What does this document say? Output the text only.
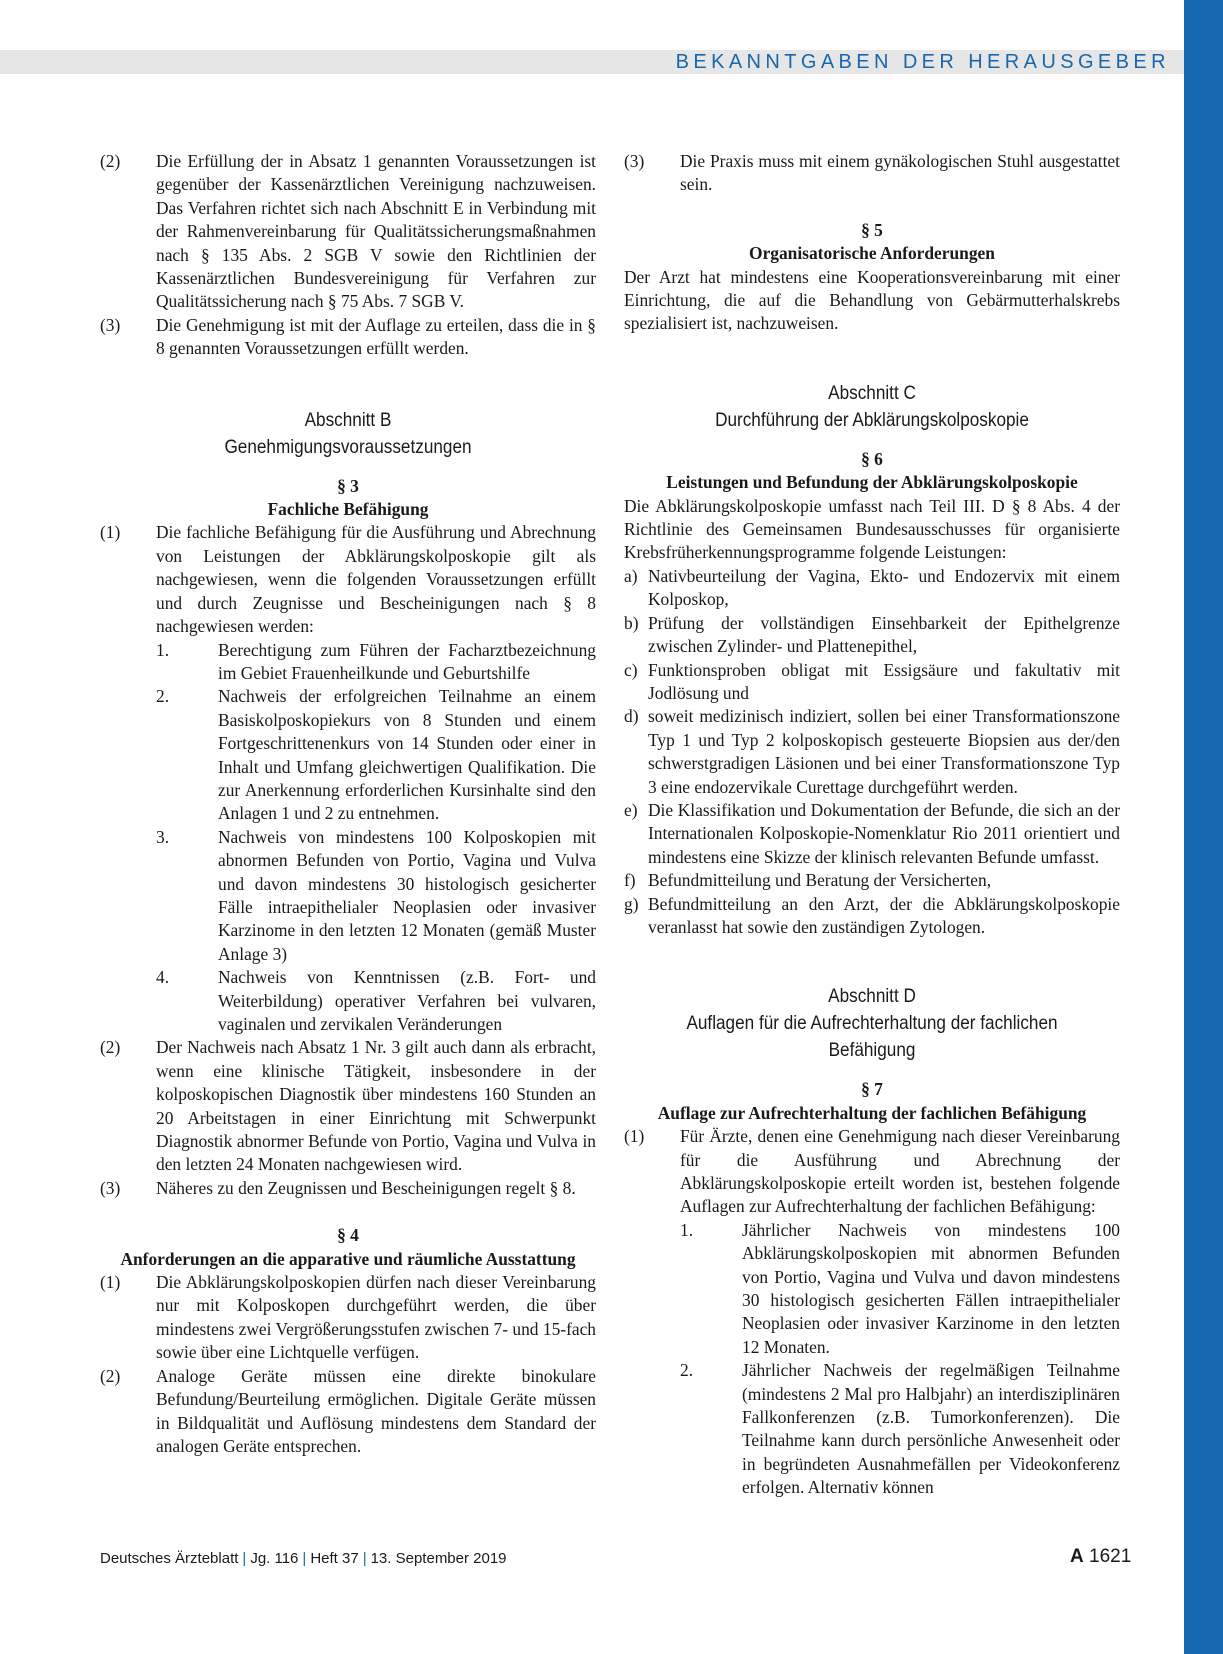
BEKANNTGABEN DER HERAUSGEBER
(2) Die Erfüllung der in Absatz 1 genannten Voraussetzungen ist gegenüber der Kassenärztlichen Vereinigung nachzuweisen. Das Verfahren richtet sich nach Abschnitt E in Verbindung mit der Rahmenvereinbarung für Qualitätssicherungsmaßnahmen nach § 135 Abs. 2 SGB V sowie den Richtlinien der Kassenärztlichen Bundesvereinigung für Verfahren zur Qualitätssicherung nach § 75 Abs. 7 SGB V.
(3) Die Genehmigung ist mit der Auflage zu erteilen, dass die in § 8 genannten Voraussetzungen erfüllt werden.
Abschnitt B
Genehmigungsvoraussetzungen
§ 3
Fachliche Befähigung
(1) Die fachliche Befähigung für die Ausführung und Abrechnung von Leistungen der Abklärungskolposkopie gilt als nachgewiesen, wenn die folgenden Voraussetzungen erfüllt und durch Zeugnisse und Bescheinigungen nach § 8 nachgewiesen werden:
1.	Berechtigung zum Führen der Facharztbezeichnung im Gebiet Frauenheilkunde und Geburtshilfe
2.	Nachweis der erfolgreichen Teilnahme an einem Basiskolposkopiekurs von 8 Stunden und einem Fortgeschrittenenkurs von 14 Stunden oder einer in Inhalt und Umfang gleichwertigen Qualifikation. Die zur Anerkennung erforderlichen Kursinhalte sind den Anlagen 1 und 2 zu entnehmen.
3.	Nachweis von mindestens 100 Kolposkopien mit abnormen Befunden von Portio, Vagina und Vulva und davon mindestens 30 histologisch gesicherter Fälle intraepithelialer Neoplasien oder invasiver Karzinome in den letzten 12 Monaten (gemäß Muster Anlage 3)
4.	Nachweis von Kenntnissen (z.B. Fort- und Weiterbildung) operativer Verfahren bei vulvaren, vaginalen und zervikalen Veränderungen
(2) Der Nachweis nach Absatz 1 Nr. 3 gilt auch dann als erbracht, wenn eine klinische Tätigkeit, insbesondere in der kolposkopischen Diagnostik über mindestens 160 Stunden an 20 Arbeitstagen in einer Einrichtung mit Schwerpunkt Diagnostik abnormer Befunde von Portio, Vagina und Vulva in den letzten 24 Monaten nachgewiesen wird.
(3) Näheres zu den Zeugnissen und Bescheinigungen regelt § 8.
§ 4
Anforderungen an die apparative und räumliche Ausstattung
(1) Die Abklärungskolposkopien dürfen nach dieser Vereinbarung nur mit Kolposkopen durchgeführt werden, die über mindestens zwei Vergrößerungsstufen zwischen 7- und 15-fach sowie über eine Lichtquelle verfügen.
(2) Analoge Geräte müssen eine direkte binokulare Befundung/Beurteilung ermöglichen. Digitale Geräte müssen in Bildqualität und Auflösung mindestens dem Standard der analogen Geräte entsprechen.
(3) Die Praxis muss mit einem gynäkologischen Stuhl ausgestattet sein.
§ 5
Organisatorische Anforderungen
Der Arzt hat mindestens eine Kooperationsvereinbarung mit einer Einrichtung, die auf die Behandlung von Gebärmutterhalskrebs spezialisiert ist, nachzuweisen.
Abschnitt C
Durchführung der Abklärungskolposkopie
§ 6
Leistungen und Befundung der Abklärungskolposkopie
Die Abklärungskolposkopie umfasst nach Teil III. D § 8 Abs. 4 der Richtlinie des Gemeinsamen Bundesausschusses für organisierte Krebsfrüherkennungsprogramme folgende Leistungen:
a) Nativbeurteilung der Vagina, Ekto- und Endozervix mit einem Kolposkop,
b) Prüfung der vollständigen Einsehbarkeit der Epithelgrenze zwischen Zylinder- und Plattenepithel,
c) Funktionsproben obligat mit Essigsäure und fakultativ mit Jodlösung und
d) soweit medizinisch indiziert, sollen bei einer Transformationszone Typ 1 und Typ 2 kolposkopisch gesteuerte Biopsien aus der/den schwerstgradigen Läsionen und bei einer Transformationszone Typ 3 eine endozervikale Curettage durchgeführt werden.
e) Die Klassifikation und Dokumentation der Befunde, die sich an der Internationalen Kolposkopie-Nomenklatur Rio 2011 orientiert und mindestens eine Skizze der klinisch relevanten Befunde umfasst.
f) Befundmitteilung und Beratung der Versicherten,
g) Befundmitteilung an den Arzt, der die Abklärungskolposkopie veranlasst hat sowie den zuständigen Zytologen.
Abschnitt D
Auflagen für die Aufrechterhaltung der fachlichen Befähigung
§ 7
Auflage zur Aufrechterhaltung der fachlichen Befähigung
(1) Für Ärzte, denen eine Genehmigung nach dieser Vereinbarung für die Ausführung und Abrechnung der Abklärungskolposkopie erteilt worden ist, bestehen folgende Auflagen zur Aufrechterhaltung der fachlichen Befähigung:
1.	Jährlicher Nachweis von mindestens 100 Abklärungskolposkopien mit abnormen Befunden von Portio, Vagina und Vulva und davon mindestens 30 histologisch gesicherten Fällen intraepithelialer Neoplasien oder invasiver Karzinome in den letzten 12 Monaten.
2.	Jährlicher Nachweis der regelmäßigen Teilnahme (mindestens 2 Mal pro Halbjahr) an interdisziplinären Fallkonferenzen (z.B. Tumorkonferenzen). Die Teilnahme kann durch persönliche Anwesenheit oder in begründeten Ausnahmefällen per Videokonferenz erfolgen. Alternativ können
Deutsches Ärzteblatt | Jg. 116 | Heft 37 | 13. September 2019	A 1621
